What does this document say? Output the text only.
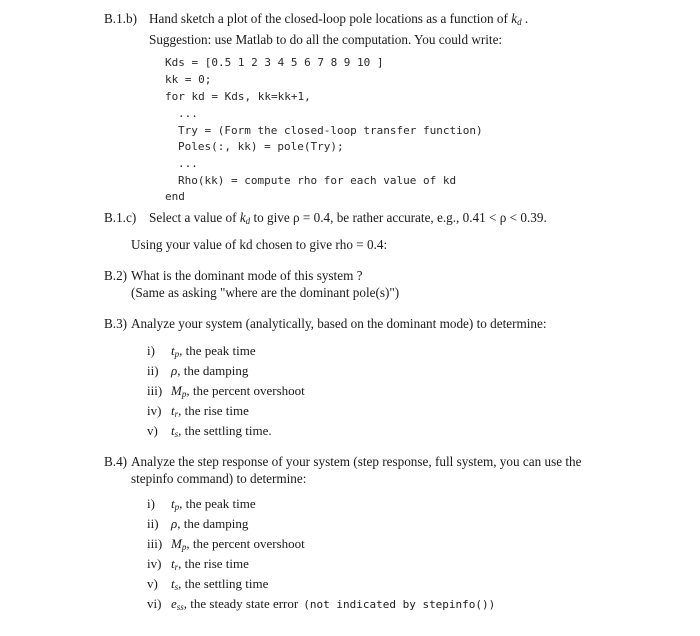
B.1.b) Hand sketch a plot of the closed-loop pole locations as a function of $k_d$ .
Suggestion: use Matlab to do all the computation. You could write:
Kds = [0.5 1 2 3 4 5 6 7 8 9 10 ]
kk = 0;
for kd = Kds, kk=kk+1,
...
Try = (Form the closed-loop transfer function)
Poles(:, kk) = pole(Try);
...
Rho(kk) = compute rho for each value of kd
end
B.1.c) Select a value of $k_d$ to give ρ = 0.4, be rather accurate, e.g., 0.41 < ρ < 0.39.
Using your value of kd chosen to give rho = 0.4:
B.2) What is the dominant mode of this system ?
(Same as asking "where are the dominant pole(s)")
B.3) Analyze your system (analytically, based on the dominant mode) to determine:
i) $t_p$, the peak time
ii) ρ, the damping
iii) $M_p$, the percent overshoot
iv) $t_r$, the rise time
v) $t_s$, the settling time.
B.4) Analyze the step response of your system (step response, full system, you can use the
stepinfo command) to determine:
i) $t_p$, the peak time
ii) ρ, the damping
iii) $M_p$, the percent overshoot
iv) $t_r$, the rise time
v) $t_s$, the settling time
vi) $e_{ss}$, the steady state error (not indicated by stepinfo())
